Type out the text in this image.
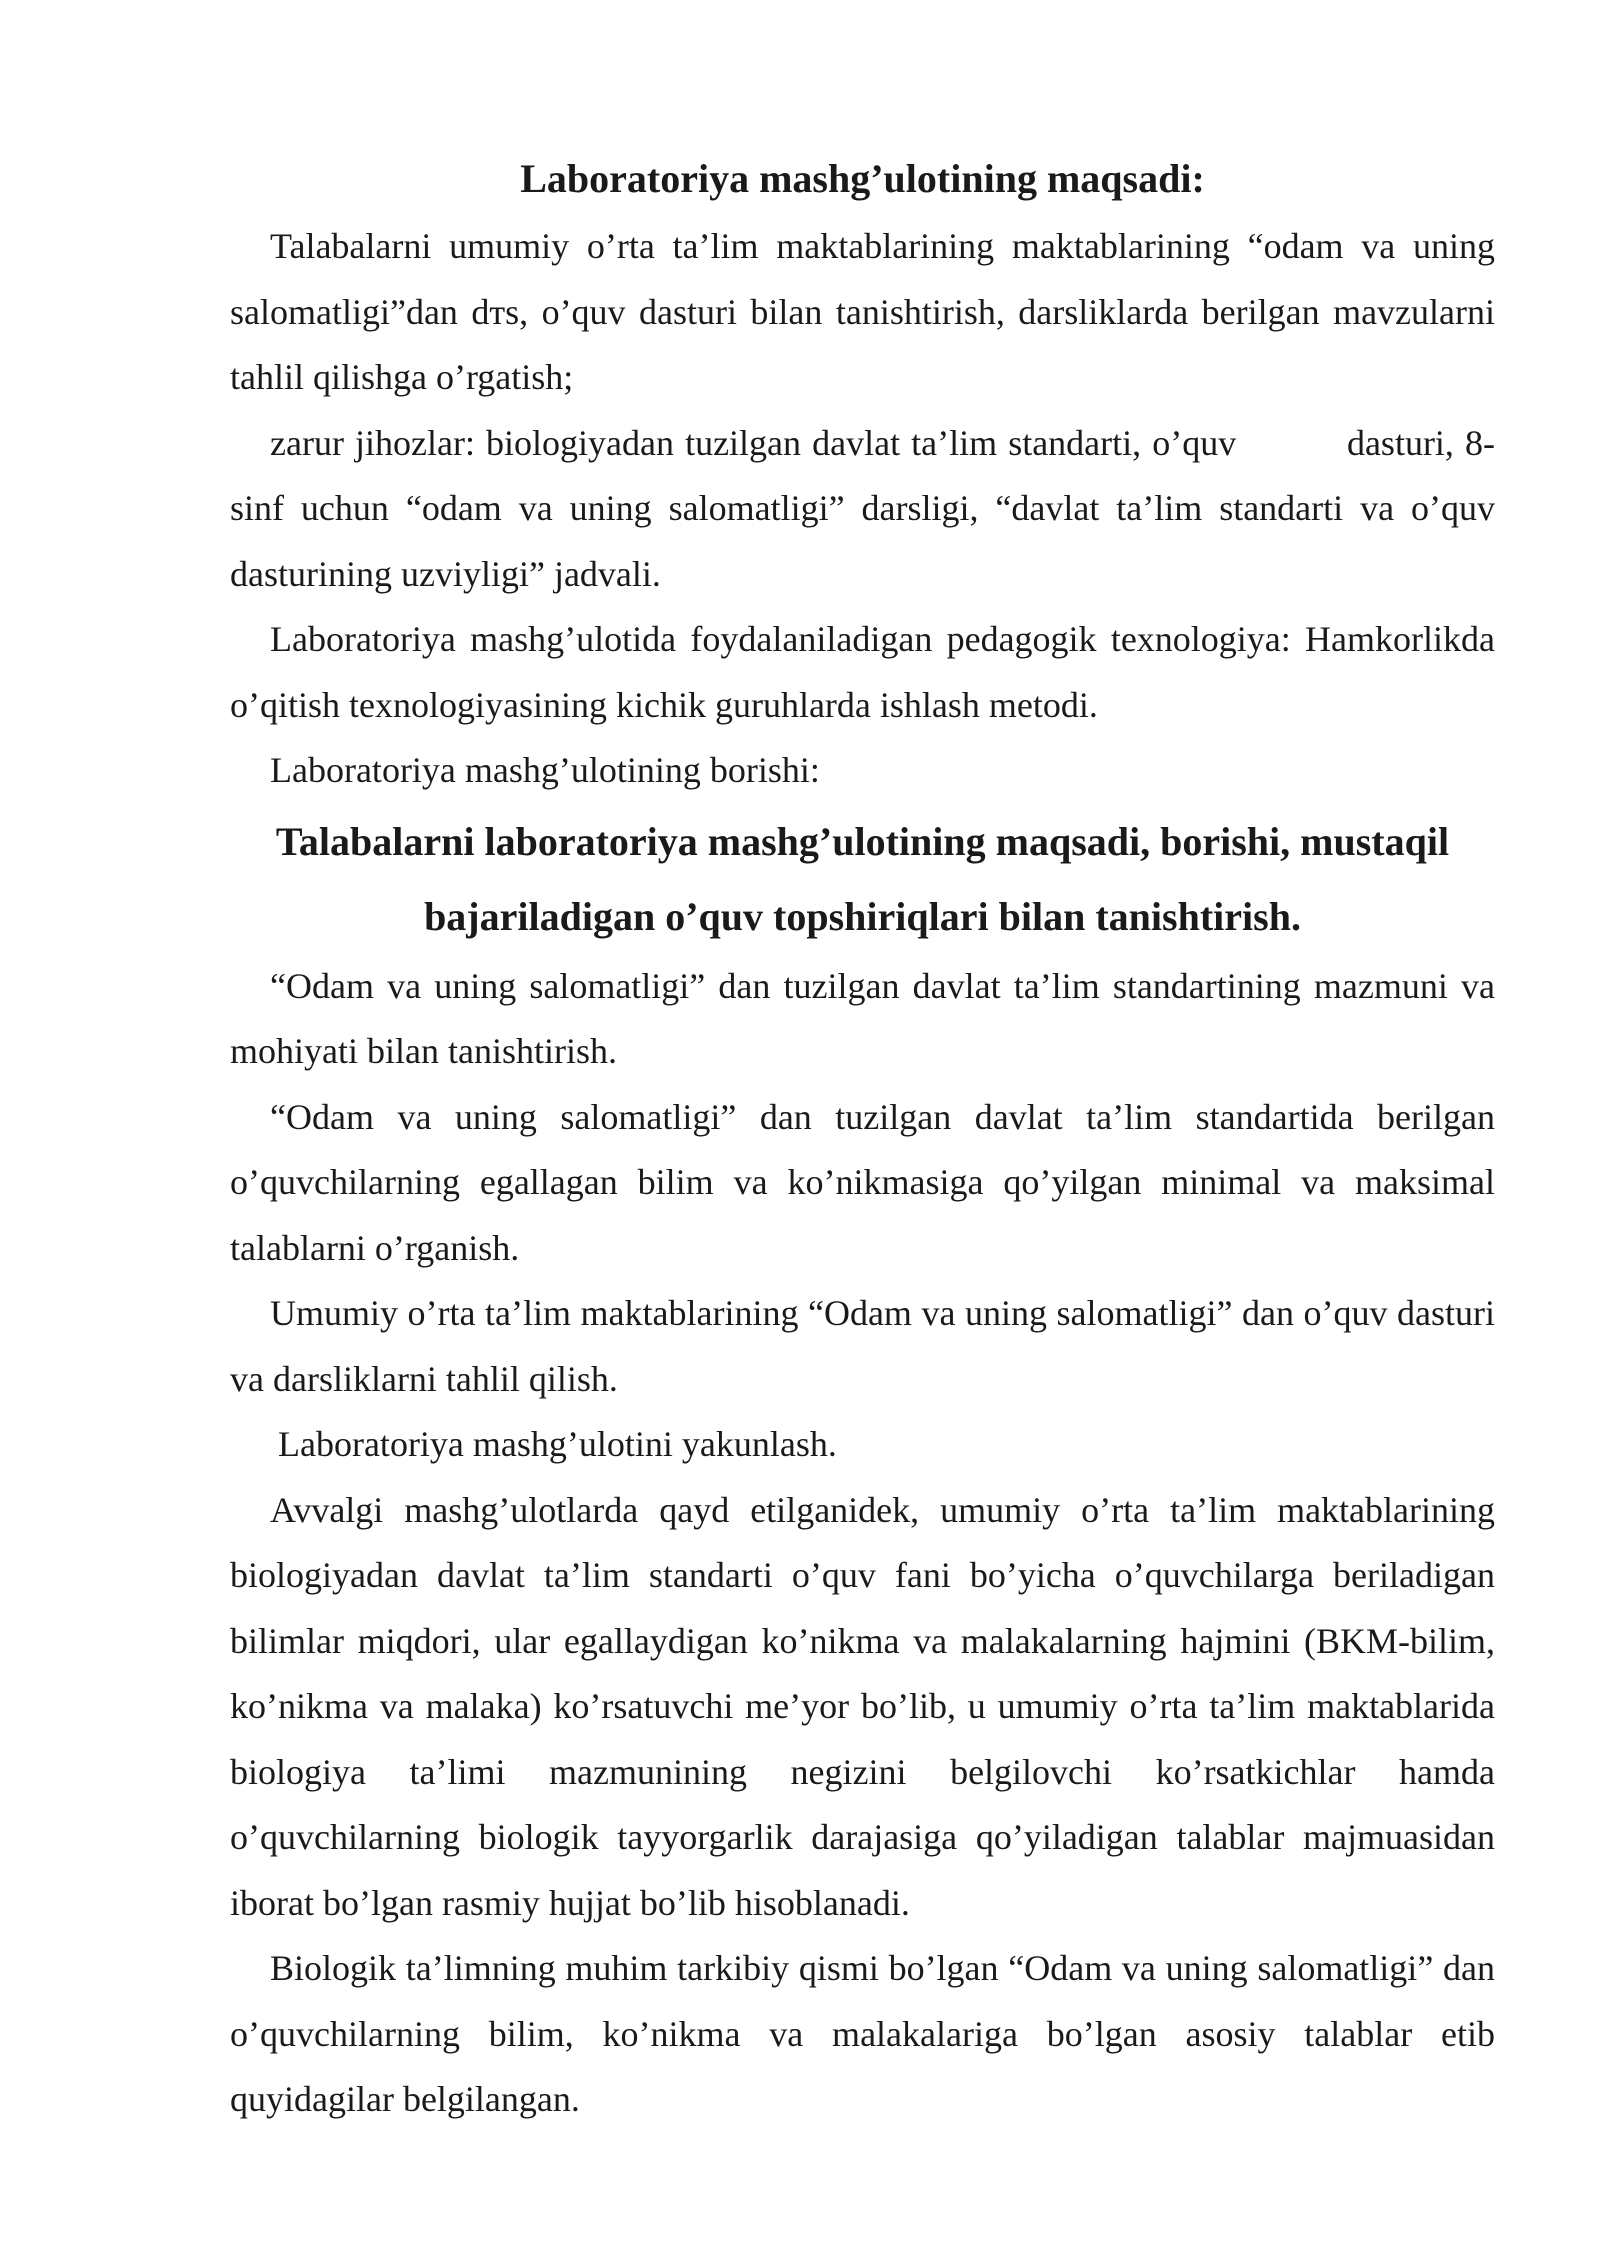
Laboratoriya mashg’ulotining maqsadi:

Talabalarni umumiy o’rta ta’lim maktablarining maktablarining “odam va uning salomatligi”dan dтs, o’quv dasturi bilan tanishtirish, darsliklarda berilgan mavzularni tahlil qilishga o’rgatish;

zarur jihozlar: biologiyadan tuzilgan davlat ta’lim standarti, o’quv          dasturi, 8-sinf uchun “odam va uning salomatligi” darsligi, “davlat ta’lim standarti va o’quv dasturining uzviyligi” jadvali.

Laboratoriya mashg’ulotida foydalaniladigan pedagogik texnologiya: Hamkorlikda o’qitish texnologiyasining kichik guruhlarda ishlash metodi.

Laboratoriya mashg’ulotining borishi:

Talabalarni laboratoriya mashg’ulotining maqsadi, borishi, mustaqil bajariladigan o’quv topshiriqlari bilan tanishtirish.

“Odam va uning salomatligi” dan tuzilgan davlat ta’lim standartining mazmuni va mohiyati bilan tanishtirish.

“Odam va uning salomatligi” dan tuzilgan davlat ta’lim standartida berilgan o’quvchilarning egallagan bilim va ko’nikmasiga qo’yilgan minimal va maksimal talablarni o’rganish.

Umumiy o’rta ta’lim maktablarining “Odam va uning salomatligi” dan o’quv dasturi va darsliklarni tahlil qilish.

Laboratoriya mashg’ulotini yakunlash.

Avvalgi mashg’ulotlarda qayd etilganidek, umumiy o’rta ta’lim maktablarining biologiyadan davlat ta’lim standarti o’quv fani bo’yicha o’quvchilarga beriladigan bilimlar miqdori, ular egallaydigan ko’nikma va malakalarning hajmini (BKM-bilim, ko’nikma va malaka) ko’rsatuvchi me’yor bo’lib, u umumiy o’rta ta’lim maktablarida biologiya ta’limi mazmunining negizini belgilovchi ko’rsatkichlar hamda o’quvchilarning biologik tayyorgarlik darajasiga qo’yiladigan talablar majmuasidan iborat bo’lgan rasmiy hujjat bo’lib hisoblanadi.

Biologik ta’limning muhim tarkibiy qismi bo’lgan “Odam va uning salomatligi” dan o’quvchilarning bilim, ko’nikma va malakalariga bo’lgan asosiy talablar etib quyidagilar belgilangan.
